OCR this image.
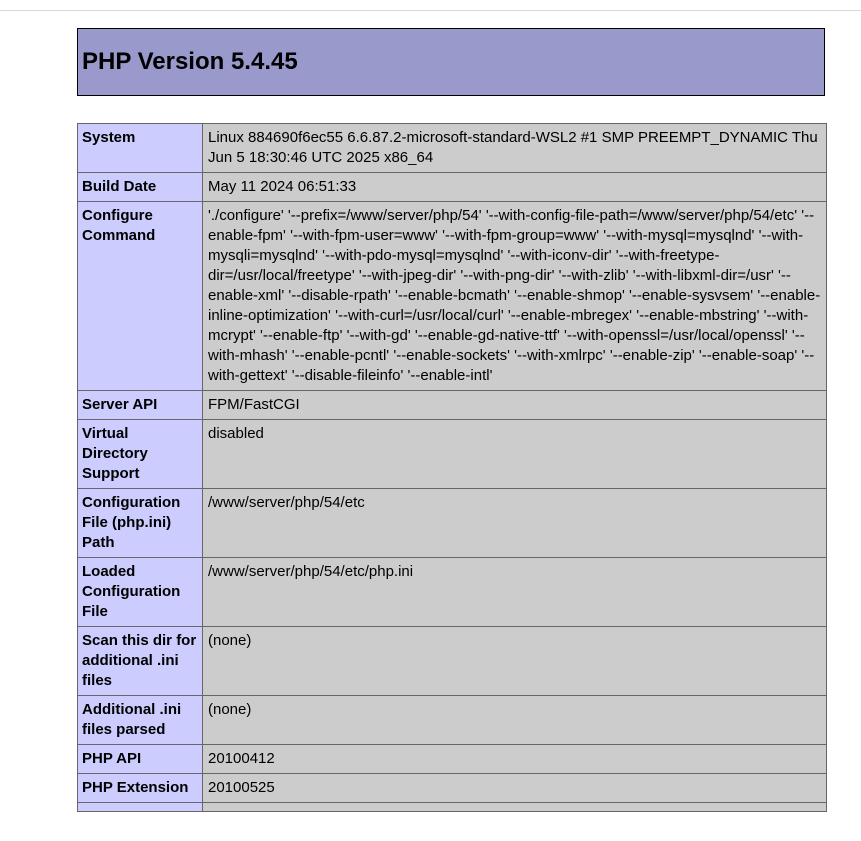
PHP Version 5.4.45
System	Linux 884690f6ec55 6.6.87.2-microsoft-standard-WSL2 #1 SMP PREEMPT_DYNAMIC Thu Jun 5 18:30:46 UTC 2025 x86_64
Build Date	May 11 2024 06:51:33
Configure Command	'./configure' '--prefix=/www/server/php/54' '--with-config-file-path=/www/server/php/54/etc' '--enable-fpm' '--with-fpm-user=www' '--with-fpm-group=www' '--with-mysql=mysqlnd' '--with-mysqli=mysqlnd' '--with-pdo-mysql=mysqlnd' '--with-iconv-dir' '--with-freetype-dir=/usr/local/freetype' '--with-jpeg-dir' '--with-png-dir' '--with-zlib' '--with-libxml-dir=/usr' '--enable-xml' '--disable-rpath' '--enable-bcmath' '--enable-shmop' '--enable-sysvsem' '--enable-inline-optimization' '--with-curl=/usr/local/curl' '--enable-mbregex' '--enable-mbstring' '--with-mcrypt' '--enable-ftp' '--with-gd' '--enable-gd-native-ttf' '--with-openssl=/usr/local/openssl' '--with-mhash' '--enable-pcntl' '--enable-sockets' '--with-xmlrpc' '--enable-zip' '--enable-soap' '--with-gettext' '--disable-fileinfo' '--enable-intl'
Server API	FPM/FastCGI
Virtual Directory Support	disabled
Configuration File (php.ini) Path	/www/server/php/54/etc
Loaded Configuration File	/www/server/php/54/etc/php.ini
Scan this dir for additional .ini files	(none)
Additional .ini files parsed	(none)
PHP API	20100412
PHP Extension	20100525
